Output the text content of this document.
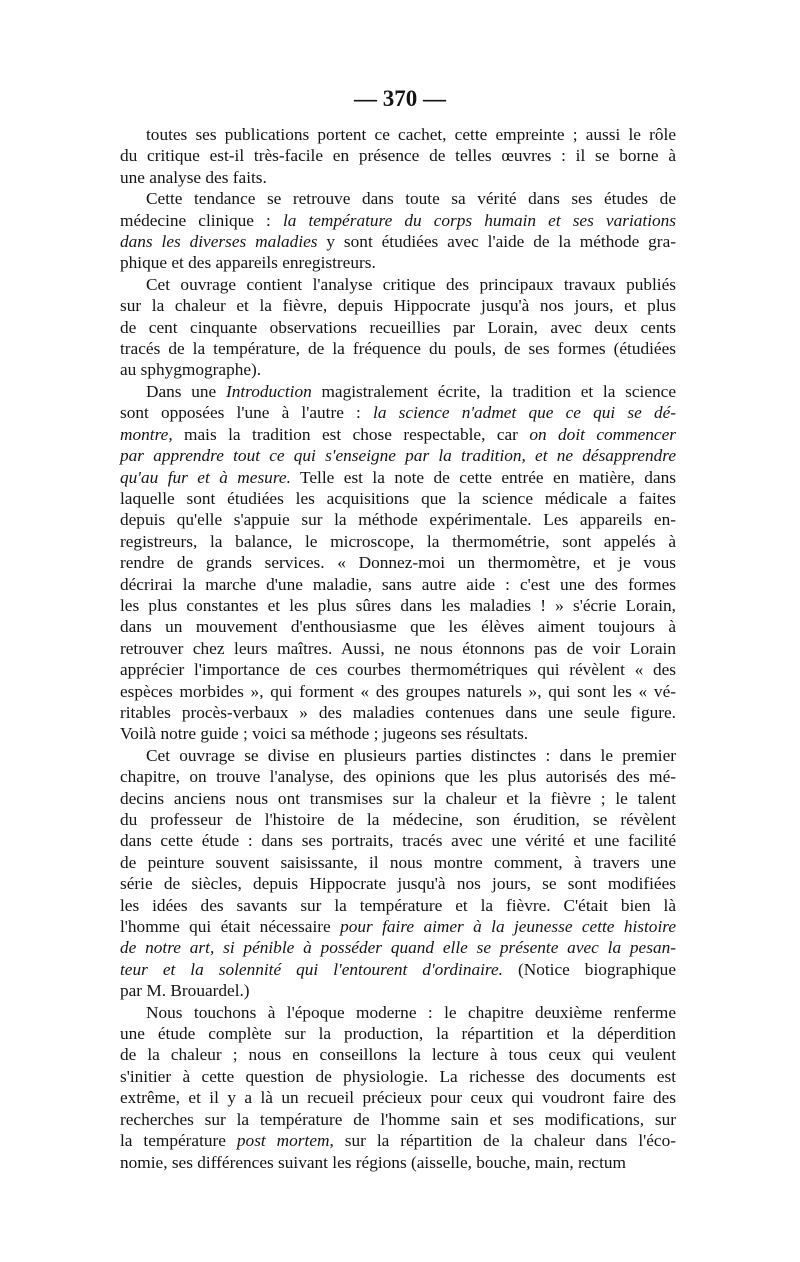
— 370 —
toutes ses publications portent ce cachet, cette empreinte ; aussi le rôle
du critique est-il très-facile en présence de telles œuvres : il se borne à
une analyse des faits.
Cette tendance se retrouve dans toute sa vérité dans ses études de
médecine clinique : la température du corps humain et ses variations
dans les diverses maladies y sont étudiées avec l'aide de la méthode gra-
phique et des appareils enregistreurs.
Cet ouvrage contient l'analyse critique des principaux travaux publiés
sur la chaleur et la fièvre, depuis Hippocrate jusqu'à nos jours, et plus
de cent cinquante observations recueillies par Lorain, avec deux cents
tracés de la température, de la fréquence du pouls, de ses formes (étudiées
au sphygmographe).
Dans une Introduction magistralement écrite, la tradition et la science
sont opposées l'une à l'autre : la science n'admet que ce qui se dé-
montre, mais la tradition est chose respectable, car on doit commencer
par apprendre tout ce qui s'enseigne par la tradition, et ne désapprendre
qu'au fur et à mesure. Telle est la note de cette entrée en matière, dans
laquelle sont étudiées les acquisitions que la science médicale a faites
depuis qu'elle s'appuie sur la méthode expérimentale. Les appareils en-
registreurs, la balance, le microscope, la thermométrie, sont appelés à
rendre de grands services. « Donnez-moi un thermomètre, et je vous
décrirai la marche d'une maladie, sans autre aide : c'est une des formes
les plus constantes et les plus sûres dans les maladies ! » s'écrie Lorain,
dans un mouvement d'enthousiasme que les élèves aiment toujours à
retrouver chez leurs maîtres. Aussi, ne nous étonnons pas de voir Lorain
apprécier l'importance de ces courbes thermométriques qui révèlent « des
espèces morbides », qui forment « des groupes naturels », qui sont les « vé-
ritables procès-verbaux » des maladies contenues dans une seule figure.
Voilà notre guide ; voici sa méthode ; jugeons ses résultats.
Cet ouvrage se divise en plusieurs parties distinctes : dans le premier
chapitre, on trouve l'analyse, des opinions que les plus autorisés des mé-
decins anciens nous ont transmises sur la chaleur et la fièvre ; le talent
du professeur de l'histoire de la médecine, son érudition, se révèlent
dans cette étude : dans ses portraits, tracés avec une vérité et une facilité
de peinture souvent saisissante, il nous montre comment, à travers une
série de siècles, depuis Hippocrate jusqu'à nos jours, se sont modifiées
les idées des savants sur la température et la fièvre. C'était bien là
l'homme qui était nécessaire pour faire aimer à la jeunesse cette histoire
de notre art, si pénible à posséder quand elle se présente avec la pesan-
teur et la solennité qui l'entourent d'ordinaire. (Notice biographique
par M. Brouardel.)
Nous touchons à l'époque moderne : le chapitre deuxième renferme
une étude complète sur la production, la répartition et la déperdition
de la chaleur ; nous en conseillons la lecture à tous ceux qui veulent
s'initier à cette question de physiologie. La richesse des documents est
extrême, et il y a là un recueil précieux pour ceux qui voudront faire des
recherches sur la température de l'homme sain et ses modifications, sur
la température post mortem, sur la répartition de la chaleur dans l'éco-
nomie, ses différences suivant les régions (aisselle, bouche, main, rectum
